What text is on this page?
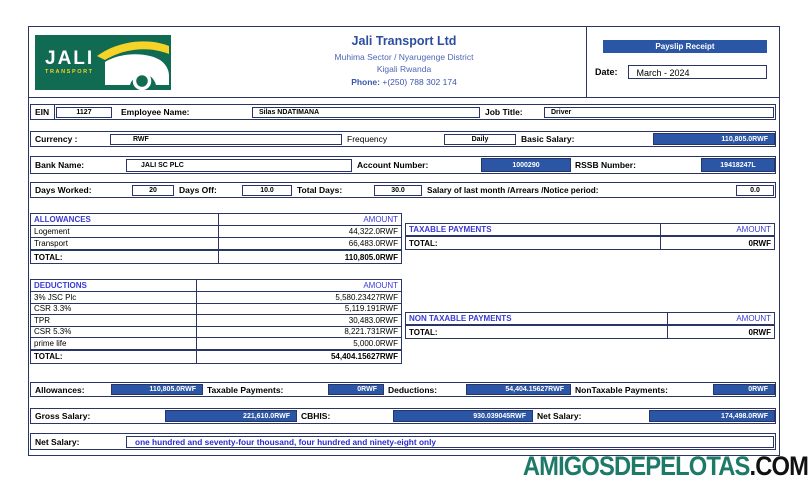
JALI
TRANSPORT
Jali Transport Ltd
Muhima Sector / Nyarugenge District
Kigali Rwanda
Phone: +(250) 788 302 174
Payslip Receipt
Date:	March - 2024
EIN	1127	Employee Name:	Silas NDATIMANA	Job Title:	Driver
Currency :	RWF	Frequency	Daily	Basic Salary:	110,805.0RWF
Bank Name:	JALI SC PLC	Account Number:	1000290	RSSB Number:	19418247L
Days Worked:	20	Days Off:	10.0	Total Days:	30.0	Salary of last month /Arrears /Notice period:	0.0
ALLOWANCES	AMOUNT
Logement	44,322.0RWF
Transport	66,483.0RWF
TOTAL:	110,805.0RWF
TAXABLE PAYMENTS	AMOUNT
TOTAL:	0RWF
DEDUCTIONS	AMOUNT
3% JSC Plc	5,580.23427RWF
CSR 3.3%	5,119.191RWF
TPR	30,483.0RWF
CSR 5.3%	8,221.731RWF
prime life	5,000.0RWF
TOTAL:	54,404.15627RWF
NON TAXABLE PAYMENTS	AMOUNT
TOTAL:	0RWF
Allowances:	110,805.0RWF	Taxable Payments:	0RWF	Deductions:	54,404.15627RWF	NonTaxable Payments:	0RWF
Gross Salary:	221,610.0RWF	CBHIS:	930.039045RWF	Net Salary:	174,498.0RWF
Net Salary:	one hundred and seventy-four thousand, four hundred and ninety-eight only
AMIGOSDEPELOTAS .COM
